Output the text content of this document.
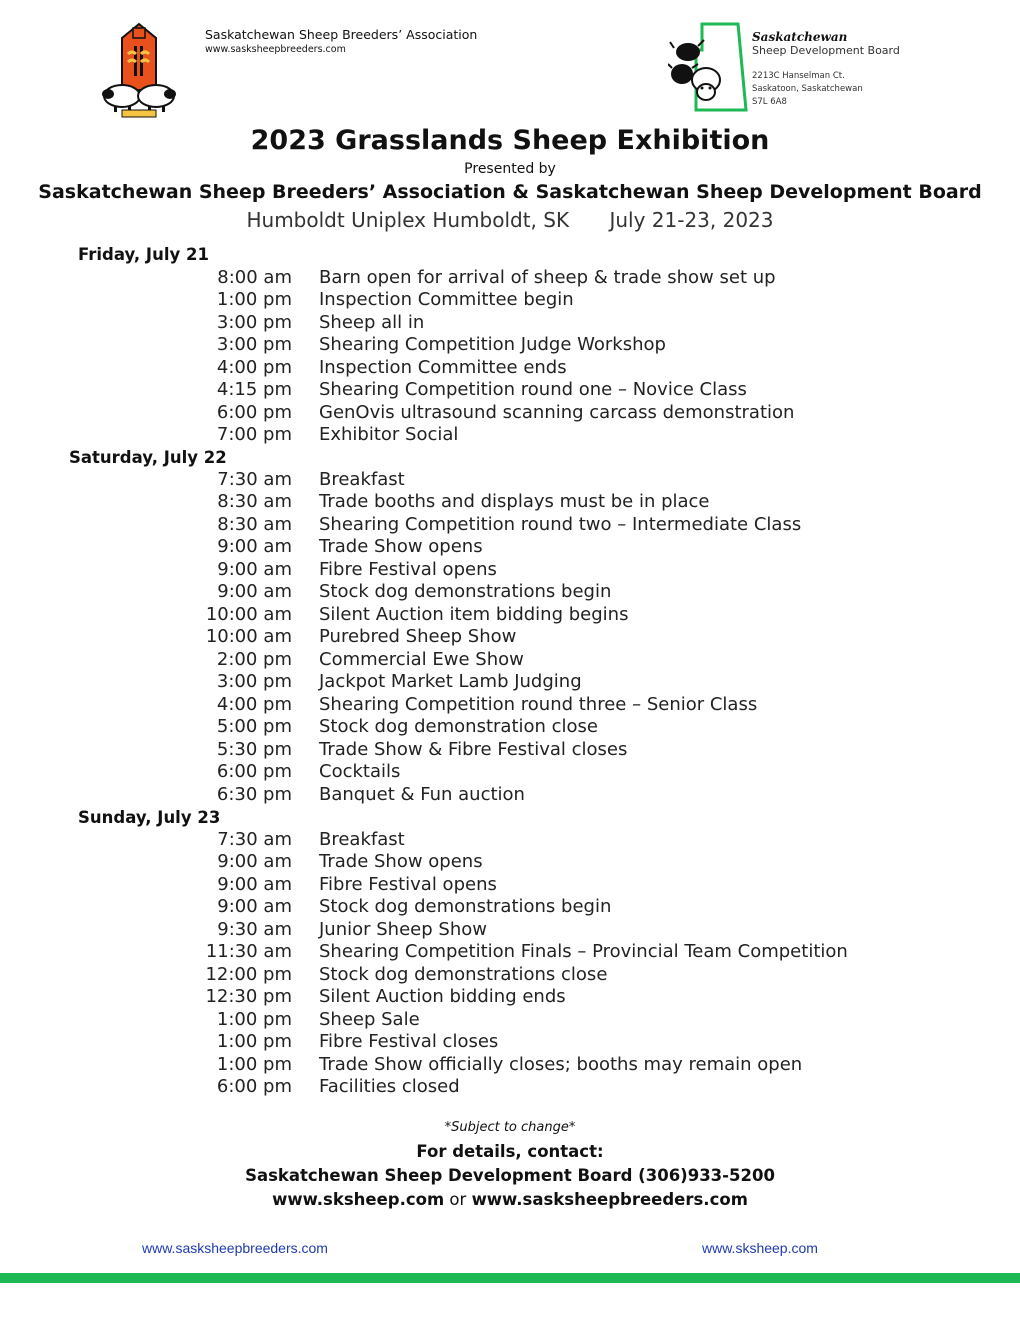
Saskatchewan Sheep Breeders’ Association
www.sasksheepbreeders.com
Saskatchewan
Sheep Development Board
2213C Hanselman Ct.
Saskatoon, Saskatchewan
S7L 6A8
2023 Grasslands Sheep Exhibition
Presented by
Saskatchewan Sheep Breeders’ Association & Saskatchewan Sheep Development Board
Humboldt Uniplex Humboldt, SK July 21-23, 2023
Friday, July 21
8:00 am Barn open for arrival of sheep & trade show set up
1:00 pm Inspection Committee begin
3:00 pm Sheep all in
3:00 pm Shearing Competition Judge Workshop
4:00 pm Inspection Committee ends
4:15 pm Shearing Competition round one – Novice Class
6:00 pm GenOvis ultrasound scanning carcass demonstration
7:00 pm Exhibitor Social
Saturday, July 22
7:30 am Breakfast
8:30 am Trade booths and displays must be in place
8:30 am Shearing Competition round two – Intermediate Class
9:00 am Trade Show opens
9:00 am Fibre Festival opens
9:00 am Stock dog demonstrations begin
10:00 am Silent Auction item bidding begins
10:00 am Purebred Sheep Show
2:00 pm Commercial Ewe Show
3:00 pm Jackpot Market Lamb Judging
4:00 pm Shearing Competition round three – Senior Class
5:00 pm Stock dog demonstration close
5:30 pm Trade Show & Fibre Festival closes
6:00 pm Cocktails
6:30 pm Banquet & Fun auction
Sunday, July 23
7:30 am Breakfast
9:00 am Trade Show opens
9:00 am Fibre Festival opens
9:00 am Stock dog demonstrations begin
9:30 am Junior Sheep Show
11:30 am Shearing Competition Finals – Provincial Team Competition
12:00 pm Stock dog demonstrations close
12:30 pm Silent Auction bidding ends
1:00 pm Sheep Sale
1:00 pm Fibre Festival closes
1:00 pm Trade Show officially closes; booths may remain open
6:00 pm Facilities closed
*Subject to change*
For details, contact:
Saskatchewan Sheep Development Board (306)933-5200
www.sksheep.com or www.sasksheepbreeders.com
www.sasksheepbreeders.com	www.sksheep.com
